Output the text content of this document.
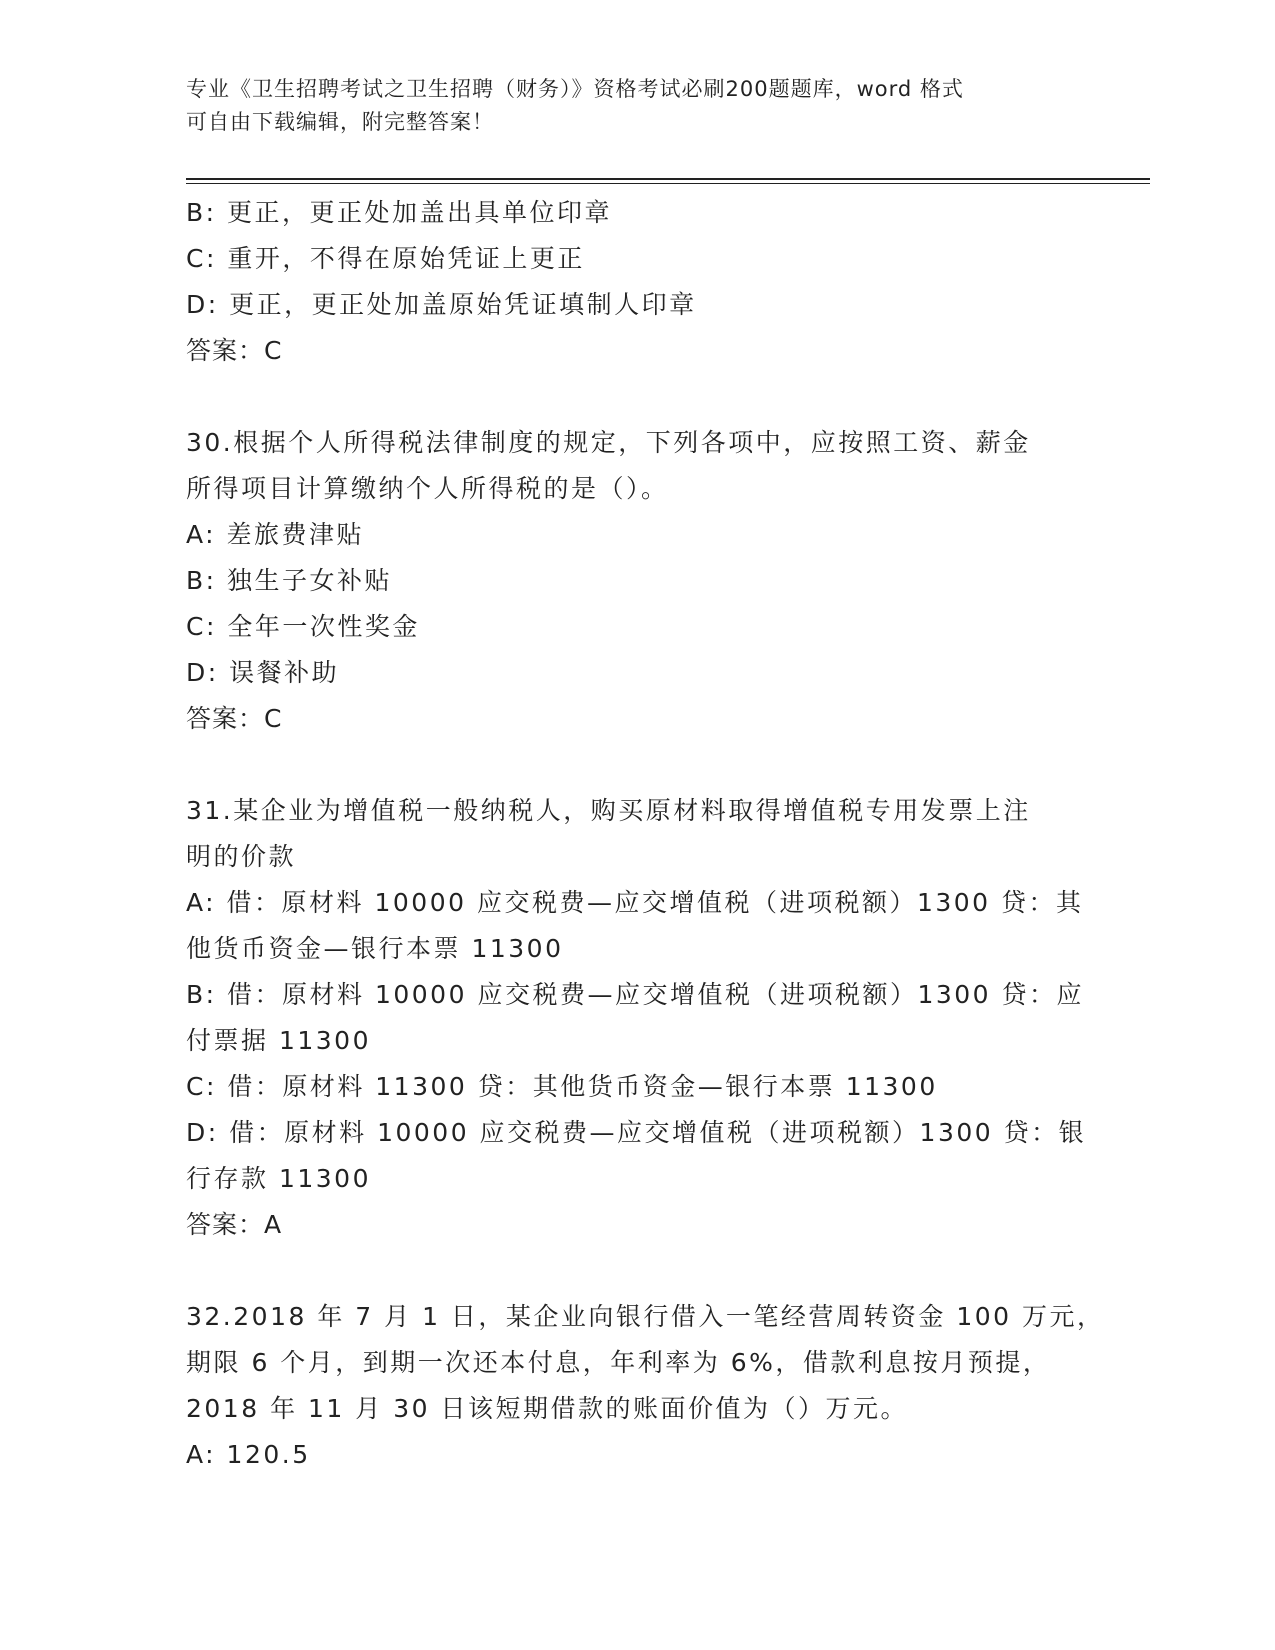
专业《卫生招聘考试之卫生招聘（财务）》资格考试必刷200题题库，word 格式
可自由下载编辑，附完整答案！
B: 更正，更正处加盖出具单位印章
C: 重开，不得在原始凭证上更正
D: 更正，更正处加盖原始凭证填制人印章
答案：C
30.根据个人所得税法律制度的规定，下列各项中，应按照工资、薪金
所得项目计算缴纳个人所得税的是（）。
A: 差旅费津贴
B: 独生子女补贴
C: 全年一次性奖金
D: 误餐补助
答案：C
31.某企业为增值税一般纳税人，购买原材料取得增值税专用发票上注
明的价款
A: 借：原材料 10000 应交税费—应交增值税（进项税额）1300 贷：其
他货币资金—银行本票 11300
B: 借：原材料 10000 应交税费—应交增值税（进项税额）1300 贷：应
付票据 11300
C: 借：原材料 11300 贷：其他货币资金—银行本票 11300
D: 借：原材料 10000 应交税费—应交增值税（进项税额）1300 贷：银
行存款 11300
答案：A
32.2018 年 7 月 1 日，某企业向银行借入一笔经营周转资金 100 万元，
期限 6 个月，到期一次还本付息，年利率为 6%，借款利息按月预提，
2018 年 11 月 30 日该短期借款的账面价值为（）万元。
A: 120.5
